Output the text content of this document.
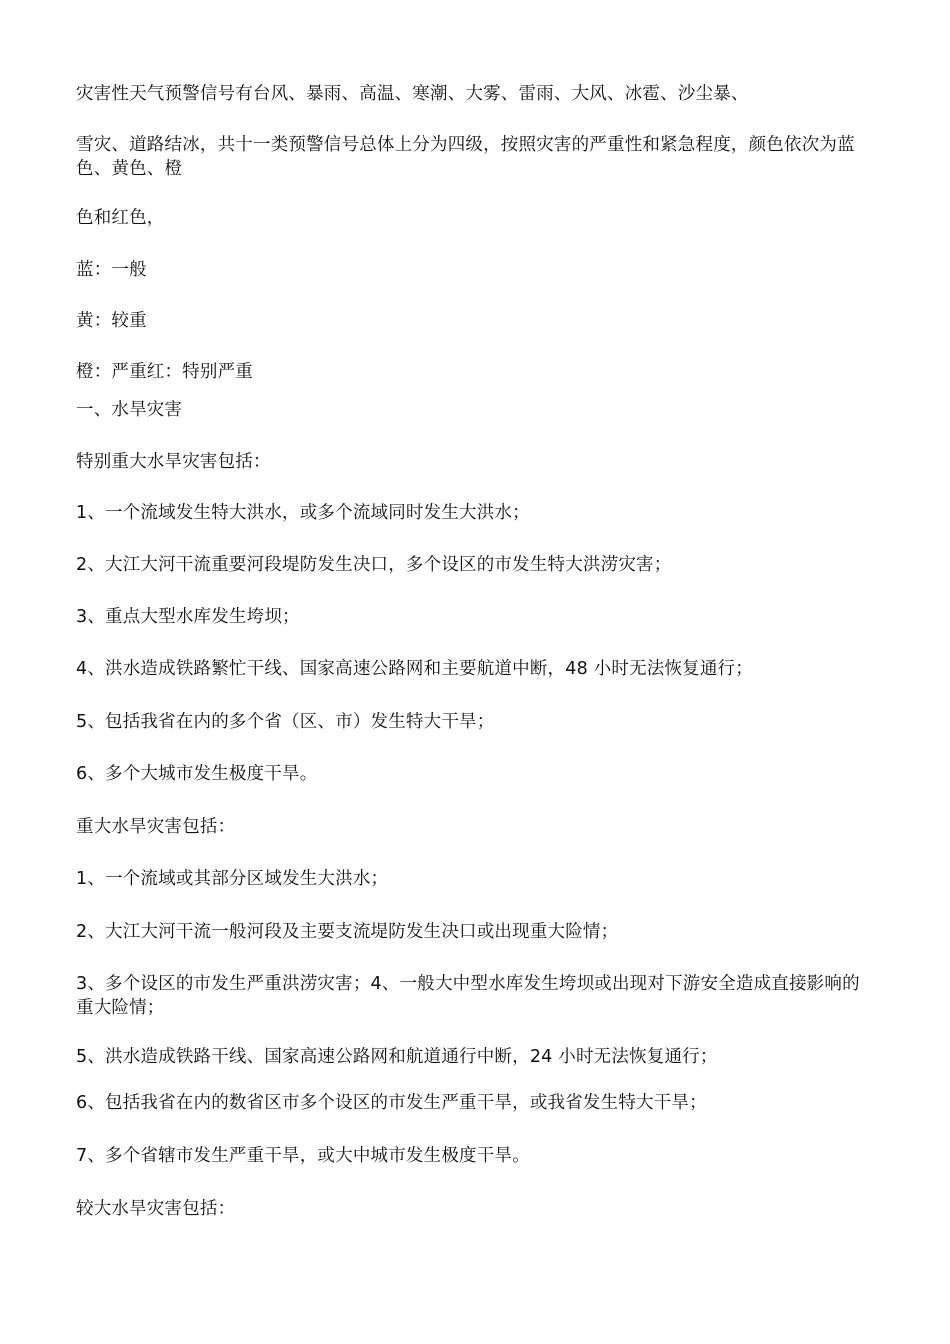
灾害性天气预警信号有台风、暴雨、高温、寒潮、大雾、雷雨、大风、冰雹、沙尘暴、
雪灾、道路结冰，共十一类预警信号总体上分为四级，按照灾害的严重性和紧急程度，颜色依次为蓝色、黄色、橙
色和红色，
蓝：一般
黄：较重
橙：严重红：特别严重
一、水旱灾害
特别重大水旱灾害包括：
1、一个流域发生特大洪水，或多个流域同时发生大洪水；
2、大江大河干流重要河段堤防发生决口，多个设区的市发生特大洪涝灾害；
3、重点大型水库发生垮坝；
4、洪水造成铁路繁忙干线、国家高速公路网和主要航道中断，48 小时无法恢复通行；
5、包括我省在内的多个省（区、市）发生特大干旱；
6、多个大城市发生极度干旱。
重大水旱灾害包括：
1、一个流域或其部分区域发生大洪水；
2、大江大河干流一般河段及主要支流堤防发生决口或出现重大险情；
3、多个设区的市发生严重洪涝灾害；4、一般大中型水库发生垮坝或出现对下游安全造成直接影响的重大险情；
5、洪水造成铁路干线、国家高速公路网和航道通行中断，24 小时无法恢复通行；
6、包括我省在内的数省区市多个设区的市发生严重干旱，或我省发生特大干旱；
7、多个省辖市发生严重干旱，或大中城市发生极度干旱。
较大水旱灾害包括：
